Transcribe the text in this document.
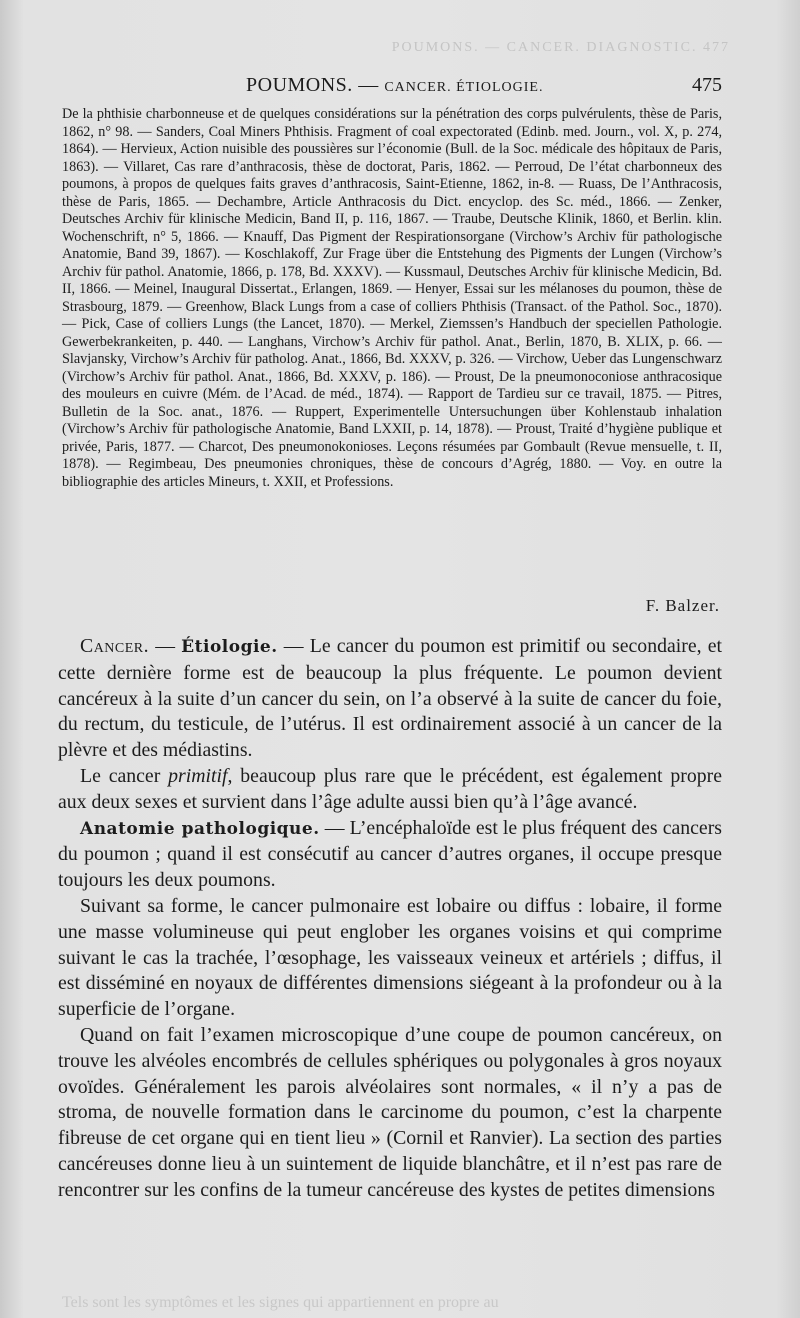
POUMONS. — CANCER. DIAGNOSTIC. 477
POUMONS. — CANCER. ÉTIOLOGIE.	475

De la phthisie charbonneuse et de quelques considérations sur la pénétration des corps pulvérulents, thèse de Paris, 1862, n° 98. — Sanders, Coal Miners Phthisis. Fragment of coal expectorated (Edinb. med. Journ., vol. X, p. 274, 1864). — Hervieux, Action nuisible des poussières sur l’économie (Bull. de la Soc. médicale des hôpitaux de Paris, 1863). — Villaret, Cas rare d’anthracosis, thèse de doctorat, Paris, 1862. — Perroud, De l’état charbonneux des poumons, à propos de quelques faits graves d’anthracosis, Saint-Etienne, 1862, in-8. — Ruass, De l’Anthracosis, thèse de Paris, 1865. — Dechambre, Article Anthracosis du Dict. encyclop. des Sc. méd., 1866. — Zenker, Deutsches Archiv für klinische Medicin, Band II, p. 116, 1867. — Traube, Deutsche Klinik, 1860, et Berlin. klin. Wochenschrift, n° 5, 1866. — Knauff, Das Pigment der Respirationsorgane (Virchow’s Archiv für pathologische Anatomie, Band 39, 1867). — Koschlakoff, Zur Frage über die Entstehung des Pigments der Lungen (Virchow’s Archiv für pathol. Anatomie, 1866, p. 178, Bd. XXXV). — Kussmaul, Deutsches Archiv für klinische Medicin, Bd. II, 1866. — Meinel, Inaugural Dissertat., Erlangen, 1869. — Henyer, Essai sur les mélanoses du poumon, thèse de Strasbourg, 1879. — Greenhow, Black Lungs from a case of colliers Phthisis (Transact. of the Pathol. Soc., 1870). — Pick, Case of colliers Lungs (the Lancet, 1870). — Merkel, Ziemssen’s Handbuch der speciellen Pathologie. Gewerbekrankeiten, p. 440. — Langhans, Virchow’s Archiv für pathol. Anat., Berlin, 1870, B. XLIX, p. 66. — Slavjansky, Virchow’s Archiv für patholog. Anat., 1866, Bd. XXXV, p. 326. — Virchow, Ueber das Lungenschwarz (Virchow’s Archiv für pathol. Anat., 1866, Bd. XXXV, p. 186). — Proust, De la pneumonoconiose anthracosique des mouleurs en cuivre (Mém. de l’Acad. de méd., 1874). — Rapport de Tardieu sur ce travail, 1875. — Pitres, Bulletin de la Soc. anat., 1876. — Ruppert, Experimentelle Untersuchungen über Kohlenstaub inhalation (Virchow’s Archiv für pathologische Anatomie, Band LXXII, p. 14, 1878). — Proust, Traité d’hygiène publique et privée, Paris, 1877. — Charcot, Des pneumonokonioses. Leçons résumées par Gombault (Revue mensuelle, t. II, 1878). — Regimbeau, Des pneumonies chroniques, thèse de concours d’Agrég, 1880. — Voy. en outre la bibliographie des articles Mineurs, t. XXII, et Professions.

F. Balzer.

Cancer. — Étiologie. — Le cancer du poumon est primitif ou secondaire, et cette dernière forme est de beaucoup la plus fréquente. Le poumon devient cancéreux à la suite d’un cancer du sein, on l’a observé à la suite de cancer du foie, du rectum, du testicule, de l’utérus. Il est ordinairement associé à un cancer de la plèvre et des médiastins.

Le cancer primitif, beaucoup plus rare que le précédent, est également propre aux deux sexes et survient dans l’âge adulte aussi bien qu’à l’âge avancé.

Anatomie pathologique. — L’encéphaloïde est le plus fréquent des cancers du poumon ; quand il est consécutif au cancer d’autres organes, il occupe presque toujours les deux poumons.

Suivant sa forme, le cancer pulmonaire est lobaire ou diffus : lobaire, il forme une masse volumineuse qui peut englober les organes voisins et qui comprime suivant le cas la trachée, l’œsophage, les vaisseaux veineux et artériels ; diffus, il est disséminé en noyaux de différentes dimensions siégeant à la profondeur ou à la superficie de l’organe.

Quand on fait l’examen microscopique d’une coupe de poumon cancéreux, on trouve les alvéoles encombrés de cellules sphériques ou polygonales à gros noyaux ovoïdes. Généralement les parois alvéolaires sont normales, « il n’y a pas de stroma, de nouvelle formation dans le carcinome du poumon, c’est la charpente fibreuse de cet organe qui en tient lieu » (Cornil et Ranvier). La section des parties cancéreuses donne lieu à un suintement de liquide blanchâtre, et il n’est pas rare de rencontrer sur les confins de la tumeur cancéreuse des kystes de petites dimensions

Tels sont les symptômes et les signes qui appartiennent en propre au
